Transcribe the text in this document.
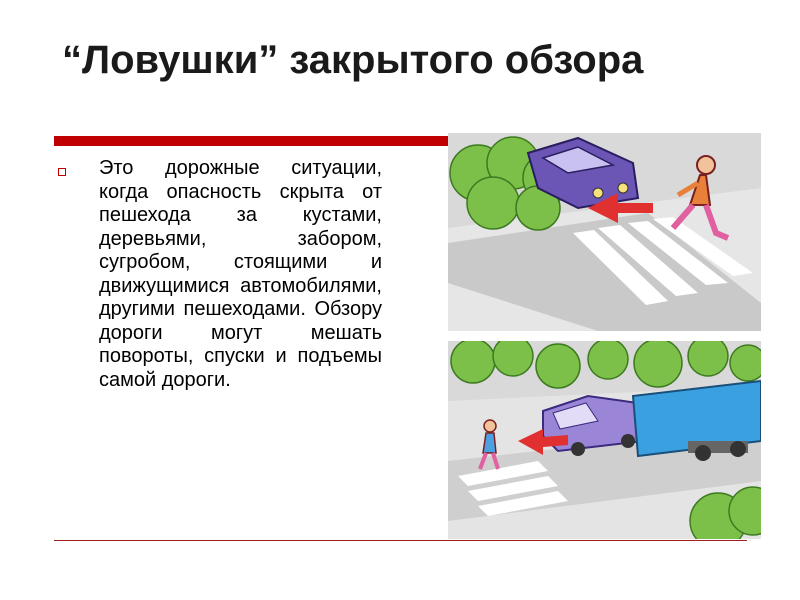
“Ловушки” закрытого обзора
Это дорожные ситуации, когда опасность скрыта от пешехода за кустами, деревьями, забором, сугробом, стоящими и движущимися автомобилями, другими пешеходами. Обзору дороги могут мешать повороты, спуски и подъемы самой дороги.
